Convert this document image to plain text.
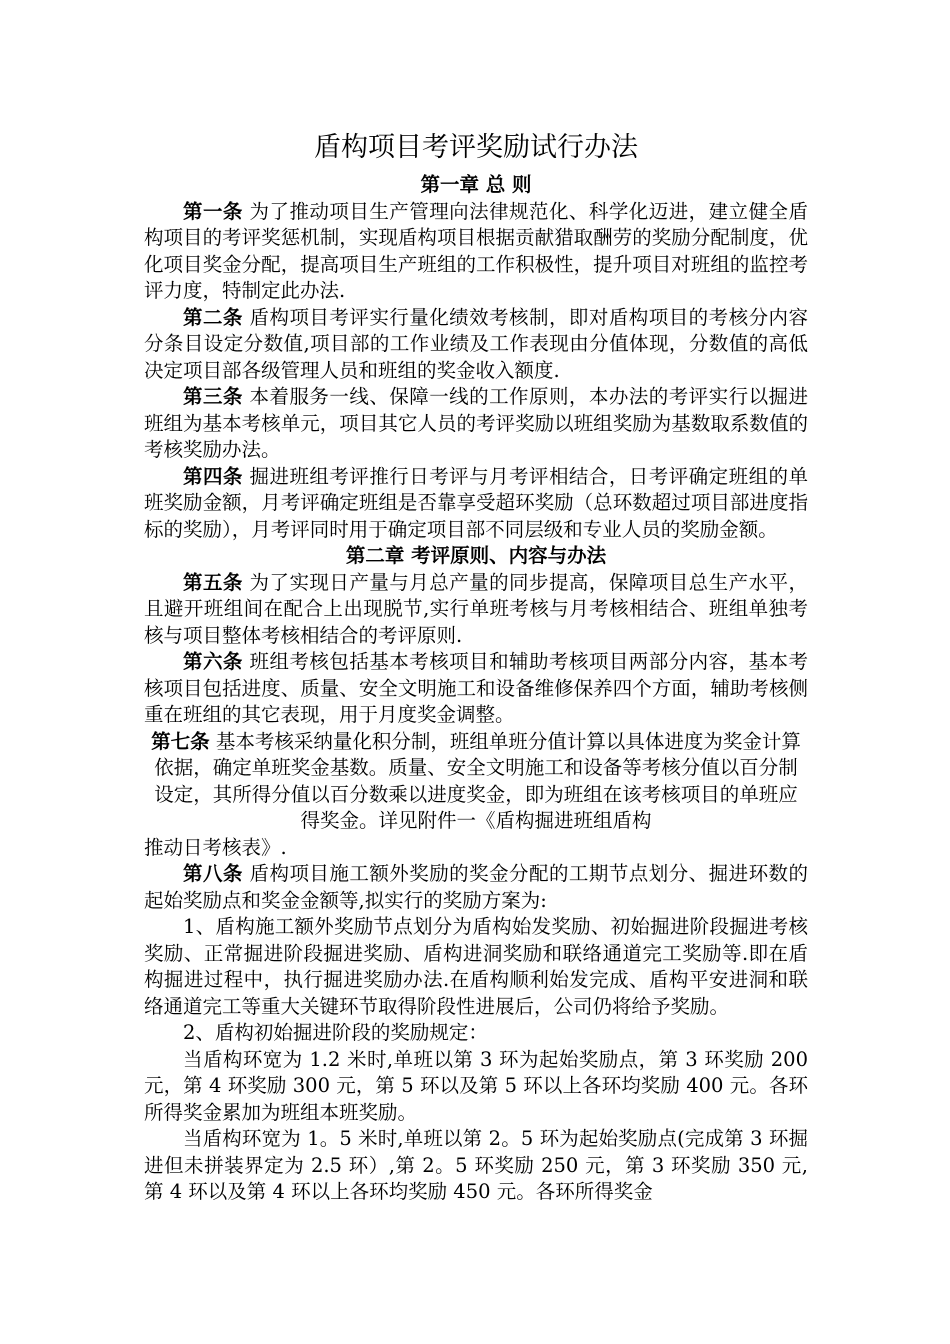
盾构项目考评奖励试行办法
第一章 总 则

第一条 为了推动项目生产管理向法律规范化、科学化迈进，建立健全盾构项目的考评奖惩机制，实现盾构项目根据贡献猎取酬劳的奖励分配制度，优化项目奖金分配，提高项目生产班组的工作积极性，提升项目对班组的监控考评力度，特制定此办法.

第二条 盾构项目考评实行量化绩效考核制，即对盾构项目的考核分内容分条目设定分数值,项目部的工作业绩及工作表现由分值体现，分数值的高低决定项目部各级管理人员和班组的奖金收入额度.

第三条 本着服务一线、保障一线的工作原则，本办法的考评实行以掘进班组为基本考核单元，项目其它人员的考评奖励以班组奖励为基数取系数值的考核奖励办法。

第四条 掘进班组考评推行日考评与月考评相结合，日考评确定班组的单班奖励金额，月考评确定班组是否靠享受超环奖励（总环数超过项目部进度指标的奖励），月考评同时用于确定项目部不同层级和专业人员的奖励金额。

第二章 考评原则、内容与办法

第五条 为了实现日产量与月总产量的同步提高，保障项目总生产水平，且避开班组间在配合上出现脱节,实行单班考核与月考核相结合、班组单独考核与项目整体考核相结合的考评原则.

第六条 班组考核包括基本考核项目和辅助考核项目两部分内容，基本考核项目包括进度、质量、安全文明施工和设备维修保养四个方面，辅助考核侧重在班组的其它表现，用于月度奖金调整。

第七条 基本考核采纳量化积分制，班组单班分值计算以具体进度为奖金计算依据，确定单班奖金基数。质量、安全文明施工和设备等考核分值以百分制设定，其所得分值以百分数乘以进度奖金，即为班组在该考核项目的单班应得奖金。详见附件一《盾构掘进班组盾构

推动日考核表》.

第八条 盾构项目施工额外奖励的奖金分配的工期节点划分、掘进环数的起始奖励点和奖金金额等,拟实行的奖励方案为:

1、盾构施工额外奖励节点划分为盾构始发奖励、初始掘进阶段掘进考核奖励、正常掘进阶段掘进奖励、盾构进洞奖励和联络通道完工奖励等.即在盾构掘进过程中，执行掘进奖励办法.在盾构顺利始发完成、盾构平安进洞和联络通道完工等重大关键环节取得阶段性进展后，公司仍将给予奖励。

2、盾构初始掘进阶段的奖励规定：

当盾构环宽为 1.2 米时,单班以第 3 环为起始奖励点，第 3 环奖励 200 元，第 4 环奖励 300 元，第 5 环以及第 5 环以上各环均奖励 400 元。各环所得奖金累加为班组本班奖励。

当盾构环宽为 1。5 米时,单班以第 2。5 环为起始奖励点(完成第 3 环掘进但未拼装界定为 2.5 环）,第 2。5 环奖励 250 元，第 3 环奖励 350 元,第 4 环以及第 4 环以上各环均奖励 450 元。各环所得奖金
